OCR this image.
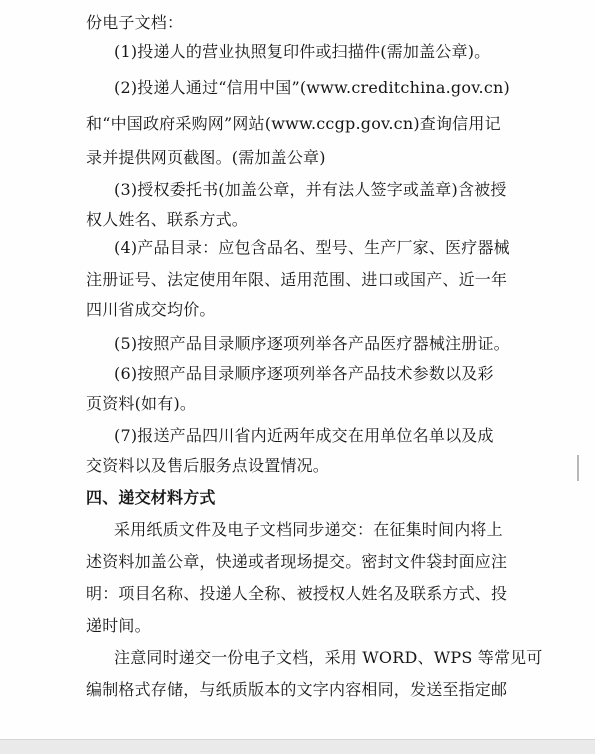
份电子文档：
(1)投递人的营业执照复印件或扫描件(需加盖公章)。
(2)投递人通过“信用中国”(www.creditchina.gov.cn)
和“中国政府采购网”网站(www.ccgp.gov.cn)查询信用记
录并提供网页截图。(需加盖公章)
(3)授权委托书(加盖公章，并有法人签字或盖章)含被授
权人姓名、联系方式。
(4)产品目录：应包含品名、型号、生产厂家、医疗器械
注册证号、法定使用年限、适用范围、进口或国产、近一年
四川省成交均价。
(5)按照产品目录顺序逐项列举各产品医疗器械注册证。
(6)按照产品目录顺序逐项列举各产品技术参数以及彩
页资料(如有)。
(7)报送产品四川省内近两年成交在用单位名单以及成
交资料以及售后服务点设置情况。
四、递交材料方式
采用纸质文件及电子文档同步递交：在征集时间内将上
述资料加盖公章，快递或者现场提交。密封文件袋封面应注
明：项目名称、投递人全称、被授权人姓名及联系方式、投
递时间。
注意同时递交一份电子文档，采用 WORD、WPS 等常见可
编制格式存储，与纸质版本的文字内容相同，发送至指定邮
